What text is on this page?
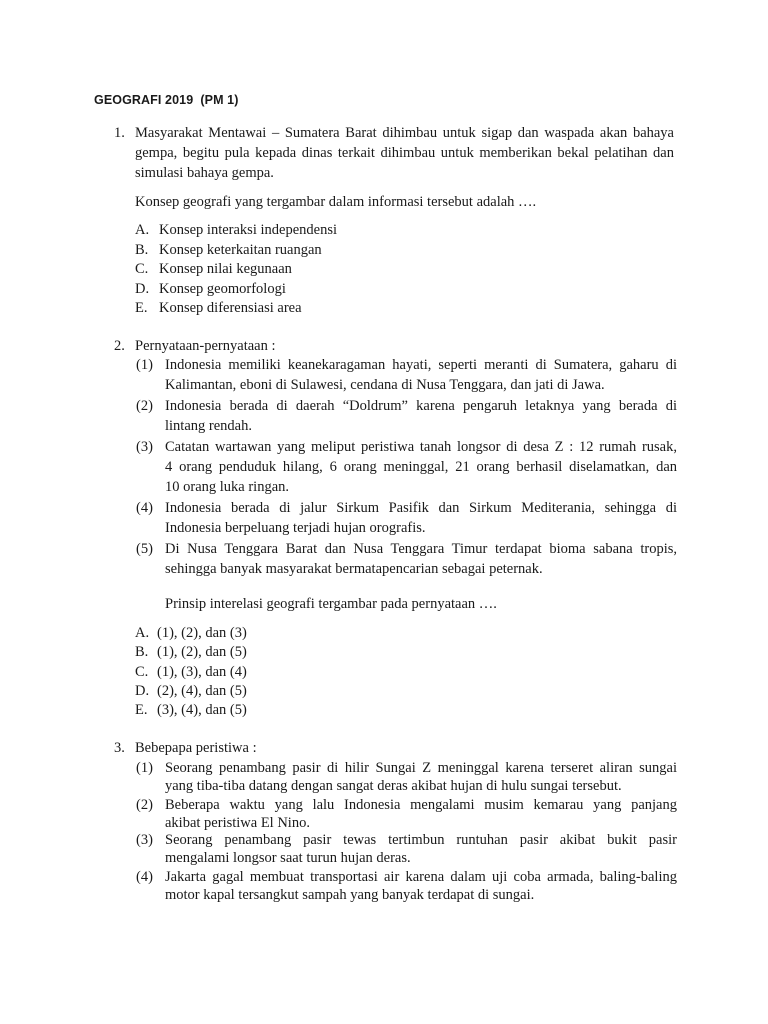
GEOGRAFI 2019  (PM 1)
1. Masyarakat Mentawai – Sumatera Barat dihimbau untuk sigap dan waspada akan bahaya
gempa, begitu pula kepada dinas terkait dihimbau untuk memberikan bekal pelatihan dan
simulasi bahaya gempa.
Konsep geografi yang tergambar dalam informasi tersebut adalah ….
A. Konsep interaksi independensi
B. Konsep keterkaitan ruangan
C. Konsep nilai kegunaan
D. Konsep geomorfologi
E. Konsep diferensiasi area
2. Pernyataan-pernyataan :
(1) Indonesia memiliki keanekaragaman hayati, seperti meranti di Sumatera, gaharu di
Kalimantan, eboni di Sulawesi, cendana di Nusa Tenggara, dan jati di Jawa.
(2) Indonesia berada di daerah “Doldrum” karena pengaruh letaknya yang berada di
lintang rendah.
(3) Catatan wartawan yang meliput peristiwa tanah longsor di desa Z : 12 rumah rusak,
4 orang penduduk hilang, 6 orang meninggal, 21 orang berhasil diselamatkan, dan
10 orang luka ringan.
(4) Indonesia berada di jalur Sirkum Pasifik dan Sirkum Mediterania, sehingga di
Indonesia berpeluang terjadi hujan orografis.
(5) Di Nusa Tenggara Barat dan Nusa Tenggara Timur terdapat bioma sabana tropis,
sehingga banyak masyarakat bermatapencarian sebagai peternak.
Prinsip interelasi geografi tergambar pada pernyataan ….
A. (1), (2), dan (3)
B. (1), (2), dan (5)
C. (1), (3), dan (4)
D. (2), (4), dan (5)
E. (3), (4), dan (5)
3. Bebepapa peristiwa :
(1) Seorang penambang pasir di hilir Sungai Z meninggal karena terseret aliran sungai
yang tiba-tiba datang dengan sangat deras akibat hujan di hulu sungai tersebut.
(2) Beberapa waktu yang lalu Indonesia mengalami musim kemarau yang panjang
akibat peristiwa El Nino.
(3) Seorang penambang pasir tewas tertimbun runtuhan pasir akibat bukit pasir
mengalami longsor saat turun hujan deras.
(4) Jakarta gagal membuat transportasi air karena dalam uji coba armada, baling-baling
motor kapal tersangkut sampah yang banyak terdapat di sungai.
